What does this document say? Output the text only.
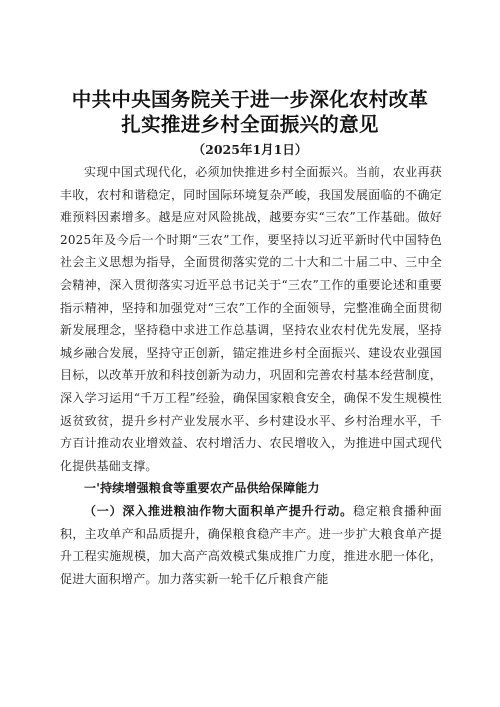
中共中央国务院关于进一步深化农村改革
扎实推进乡村全面振兴的意见
（2025年1月1日）

实现中国式现代化，必须加快推进乡村全面振兴。当前，农业再获丰收，农村和谐稳定，同时国际环境复杂严峻，我国发展面临的不确定难预料因素增多。越是应对风险挑战，越要夯实“三农”工作基础。做好2025年及今后一个时期“三农”工作，要坚持以习近平新时代中国特色社会主义思想为指导，全面贯彻落实党的二十大和二十届二中、三中全会精神，深入贯彻落实习近平总书记关于“三农”工作的重要论述和重要指示精神，坚持和加强党对“三农”工作的全面领导，完整准确全面贯彻新发展理念，坚持稳中求进工作总基调，坚持农业农村优先发展，坚持城乡融合发展，坚持守正创新，锚定推进乡村全面振兴、建设农业强国目标，以改革开放和科技创新为动力，巩固和完善农村基本经营制度，深入学习运用“千万工程”经验，确保国家粮食安全，确保不发生规模性返贫致贫，提升乡村产业发展水平、乡村建设水平、乡村治理水平，千方百计推动农业增效益、农村增活力、农民增收入，为推进中国式现代化提供基础支撑。

一'持续增强粮食等重要农产品供给保障能力

（一）深入推进粮油作物大面积单产提升行动。稳定粮食播种面积，主攻单产和品质提升，确保粮食稳产丰产。进一步扩大粮食单产提升工程实施规模，加大高产高效模式集成推广力度，推进水肥一体化，促进大面积增产。加力落实新一轮千亿斤粮食产能
